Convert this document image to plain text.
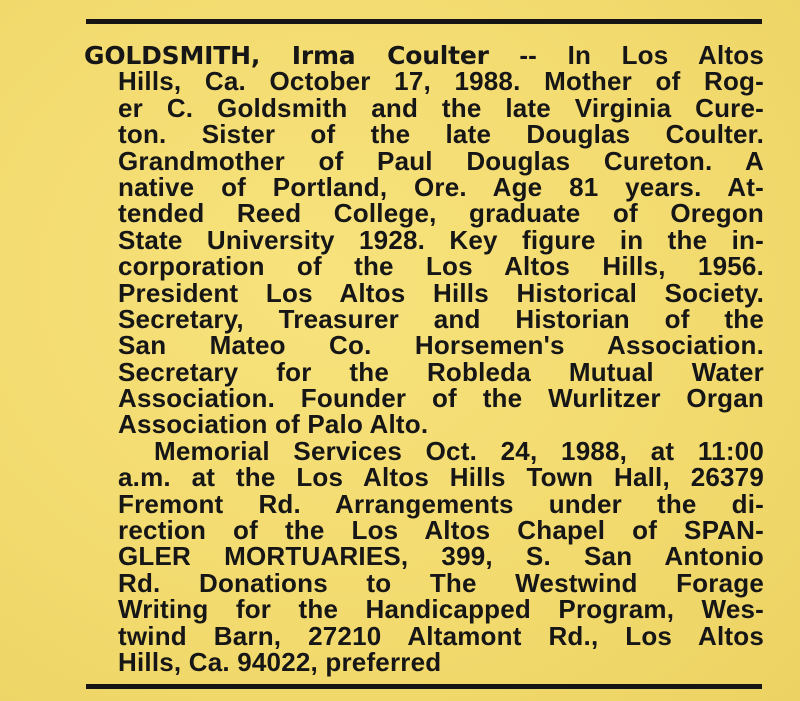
GOLDSMITH, Irma Coulter -- In Los Altos
Hills, Ca. October 17, 1988. Mother of Rog-
er C. Goldsmith and the late Virginia Cure-
ton. Sister of the late Douglas Coulter.
Grandmother of Paul Douglas Cureton. A
native of Portland, Ore. Age 81 years. At-
tended Reed College, graduate of Oregon
State University 1928. Key figure in the in-
corporation of the Los Altos Hills, 1956.
President Los Altos Hills Historical Society.
Secretary, Treasurer and Historian of the
San Mateo Co. Horsemen's Association.
Secretary for the Robleda Mutual Water
Association. Founder of the Wurlitzer Organ
Association of Palo Alto.
Memorial Services Oct. 24, 1988, at 11:00
a.m. at the Los Altos Hills Town Hall, 26379
Fremont Rd. Arrangements under the di-
rection of the Los Altos Chapel of SPAN-
GLER MORTUARIES, 399, S. San Antonio
Rd. Donations to The Westwind Forage
Writing for the Handicapped Program, Wes-
twind Barn, 27210 Altamont Rd., Los Altos
Hills, Ca. 94022, preferred
